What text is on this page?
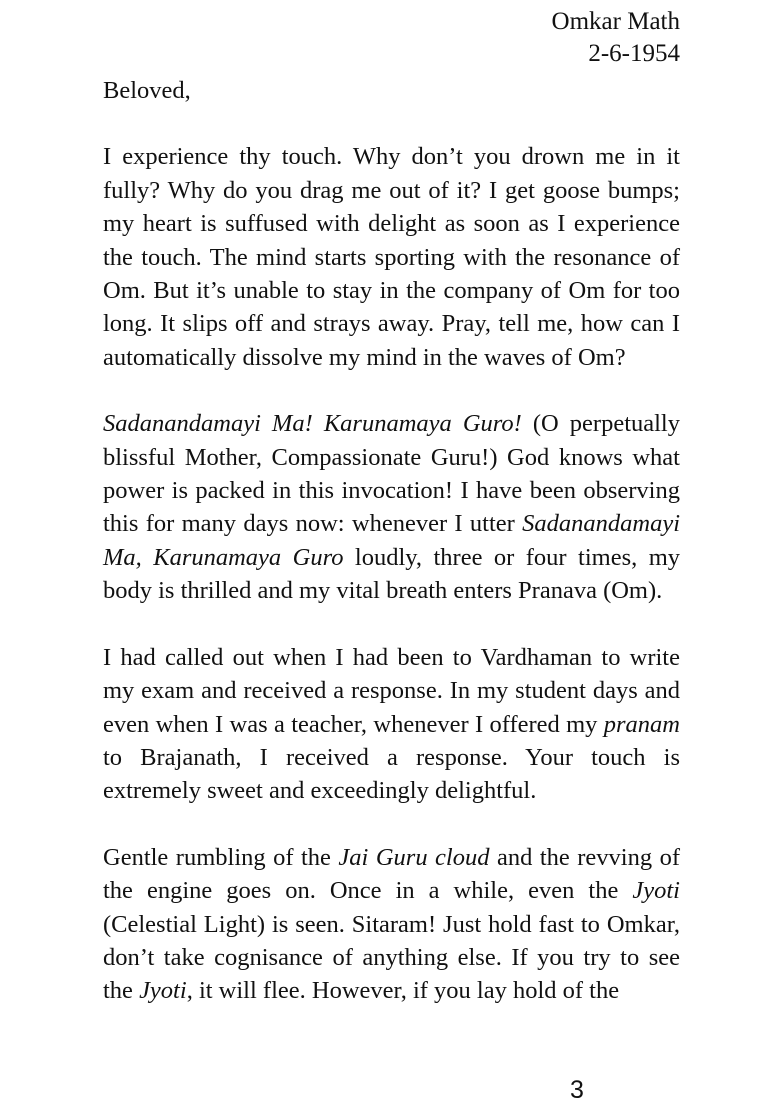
Omkar Math
2-6-1954

Beloved,

I experience thy touch. Why don’t you drown me in it
fully? Why do you drag me out of it? I get goose bumps;
my heart is suffused with delight as soon as I experience
the touch. The mind starts sporting with the resonance of
Om. But it’s unable to stay in the company of Om for too
long. It slips off and strays away. Pray, tell me, how can I
automatically dissolve my mind in the waves of Om?

Sadanandamayi Ma! Karunamaya Guro! (O perpetually
blissful Mother, Compassionate Guru!) God knows what
power is packed in this invocation! I have been observing
this for many days now: whenever I utter Sadanandamayi
Ma, Karunamaya Guro loudly, three or four times, my
body is thrilled and my vital breath enters Pranava (Om).

I had called out when I had been to Vardhaman to write
my exam and received a response. In my student days and
even when I was a teacher, whenever I offered my pranam
to Brajanath, I received a response. Your touch is
extremely sweet and exceedingly delightful.

Gentle rumbling of the Jai Guru cloud and the revving of
the engine goes on. Once in a while, even the Jyoti
(Celestial Light) is seen. Sitaram! Just hold fast to Omkar,
don’t take cognisance of anything else. If you try to see
the Jyoti, it will flee. However, if you lay hold of the

3
